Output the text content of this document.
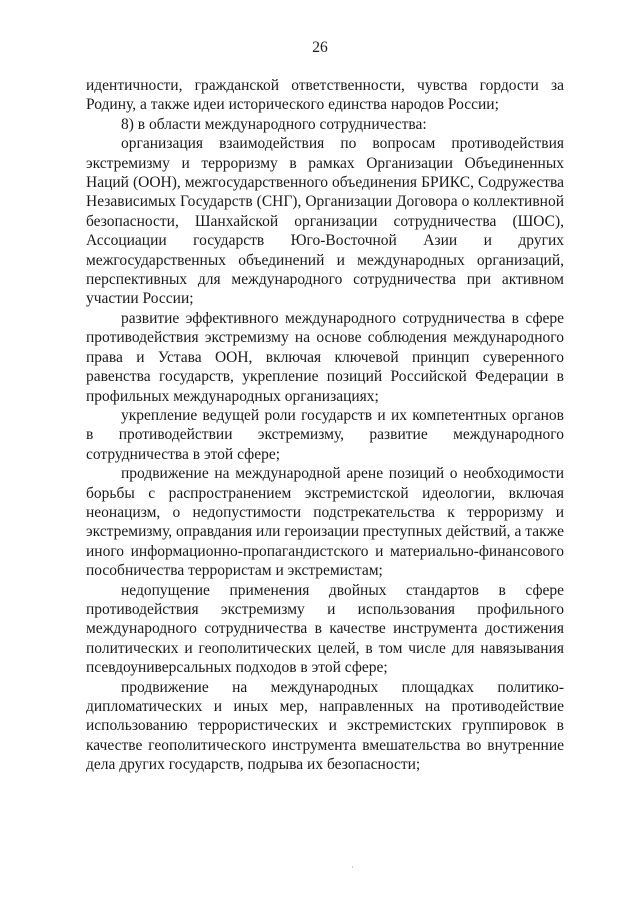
26

идентичности, гражданской ответственности, чувства гордости за Родину, а также идеи исторического единства народов России;

8) в области международного сотрудничества:

организация взаимодействия по вопросам противодействия экстремизму и терроризму в рамках Организации Объединенных Наций (ООН), межгосударственного объединения БРИКС, Содружества Независимых Государств (СНГ), Организации Договора о коллективной безопасности, Шанхайской организации сотрудничества (ШОС), Ассоциации государств Юго-Восточной Азии и других межгосударственных объединений и международных организаций, перспективных для международного сотрудничества при активном участии России;

развитие эффективного международного сотрудничества в сфере противодействия экстремизму на основе соблюдения международного права и Устава ООН, включая ключевой принцип суверенного равенства государств, укрепление позиций Российской Федерации в профильных международных организациях;

укрепление ведущей роли государств и их компетентных органов в противодействии экстремизму, развитие международного сотрудничества в этой сфере;

продвижение на международной арене позиций о необходимости борьбы с распространением экстремистской идеологии, включая неонацизм, о недопустимости подстрекательства к терроризму и экстремизму, оправдания или героизации преступных действий, а также иного информационно-пропагандистского и материально-финансового пособничества террористам и экстремистам;

недопущение применения двойных стандартов в сфере противодействия экстремизму и использования профильного международного сотрудничества в качестве инструмента достижения политических и геополитических целей, в том числе для навязывания псевдоуниверсальных подходов в этой сфере;

продвижение на международных площадках политико-дипломатических и иных мер, направленных на противодействие использованию террористических и экстремистских группировок в качестве геополитического инструмента вмешательства во внутренние дела других государств, подрыва их безопасности;
